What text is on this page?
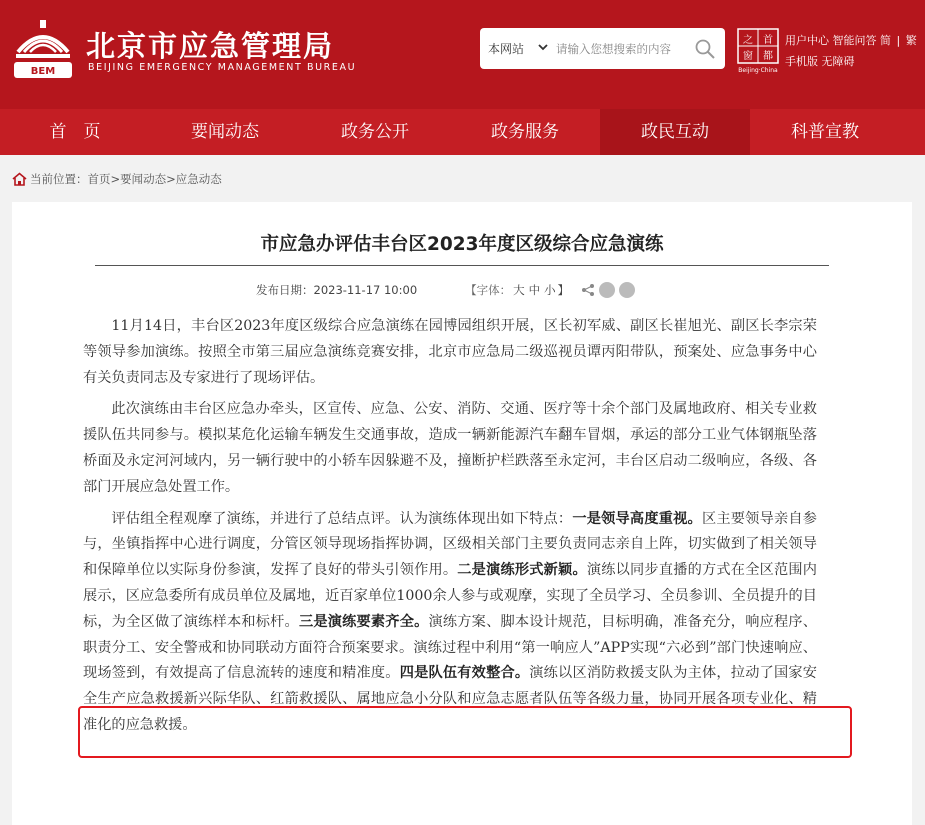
BEM
北京市应急管理局
BEIJING EMERGENCY MANAGEMENT BUREAU
本网站
请输入您想搜索的内容
之 首
窗 都
Beijing·China
用户中心 智能问答 简 | 繁
手机版 无障碍
首　页	要闻动态	政务公开	政务服务	政民互动	科普宣教
当前位置： 首页 > 要闻动态 > 应急动态
市应急办评估丰台区2023年度区级综合应急演练
发布日期： 2023-11-17 10:00	【字体： 大 中 小 】

11月14日，丰台区2023年度区级综合应急演练在园博园组织开展，区长初军威、副区长崔旭光、副区长李宗荣等领导参加演练。按照全市第三届应急演练竞赛安排，北京市应急局二级巡视员谭丙阳带队，预案处、应急事务中心有关负责同志及专家进行了现场评估。

此次演练由丰台区应急办牵头，区宣传、应急、公安、消防、交通、医疗等十余个部门及属地政府、相关专业救援队伍共同参与。模拟某危化运输车辆发生交通事故，造成一辆新能源汽车翻车冒烟，承运的部分工业气体钢瓶坠落桥面及永定河河域内，另一辆行驶中的小轿车因躲避不及，撞断护栏跌落至永定河，丰台区启动二级响应，各级、各部门开展应急处置工作。

评估组全程观摩了演练，并进行了总结点评。认为演练体现出如下特点：一是领导高度重视。区主要领导亲自参与，坐镇指挥中心进行调度，分管区领导现场指挥协调，区级相关部门主要负责同志亲自上阵，切实做到了相关领导和保障单位以实际身份参演，发挥了良好的带头引领作用。二是演练形式新颖。演练以同步直播的方式在全区范围内展示，区应急委所有成员单位及属地，近百家单位1000余人参与或观摩，实现了全员学习、全员参训、全员提升的目标，为全区做了演练样本和标杆。三是演练要素齐全。演练方案、脚本设计规范，目标明确，准备充分，响应程序、职责分工、安全警戒和协同联动方面符合预案要求。演练过程中利用“第一响应人”APP实现“六必到”部门快速响应、现场签到，有效提高了信息流转的速度和精准度。四是队伍有效整合。演练以区消防救援支队为主体，拉动了国家安全生产应急救援新兴际华队、红箭救援队、属地应急小分队和应急志愿者队伍等各级力量，协同开展各项专业化、精准化的应急救援。
